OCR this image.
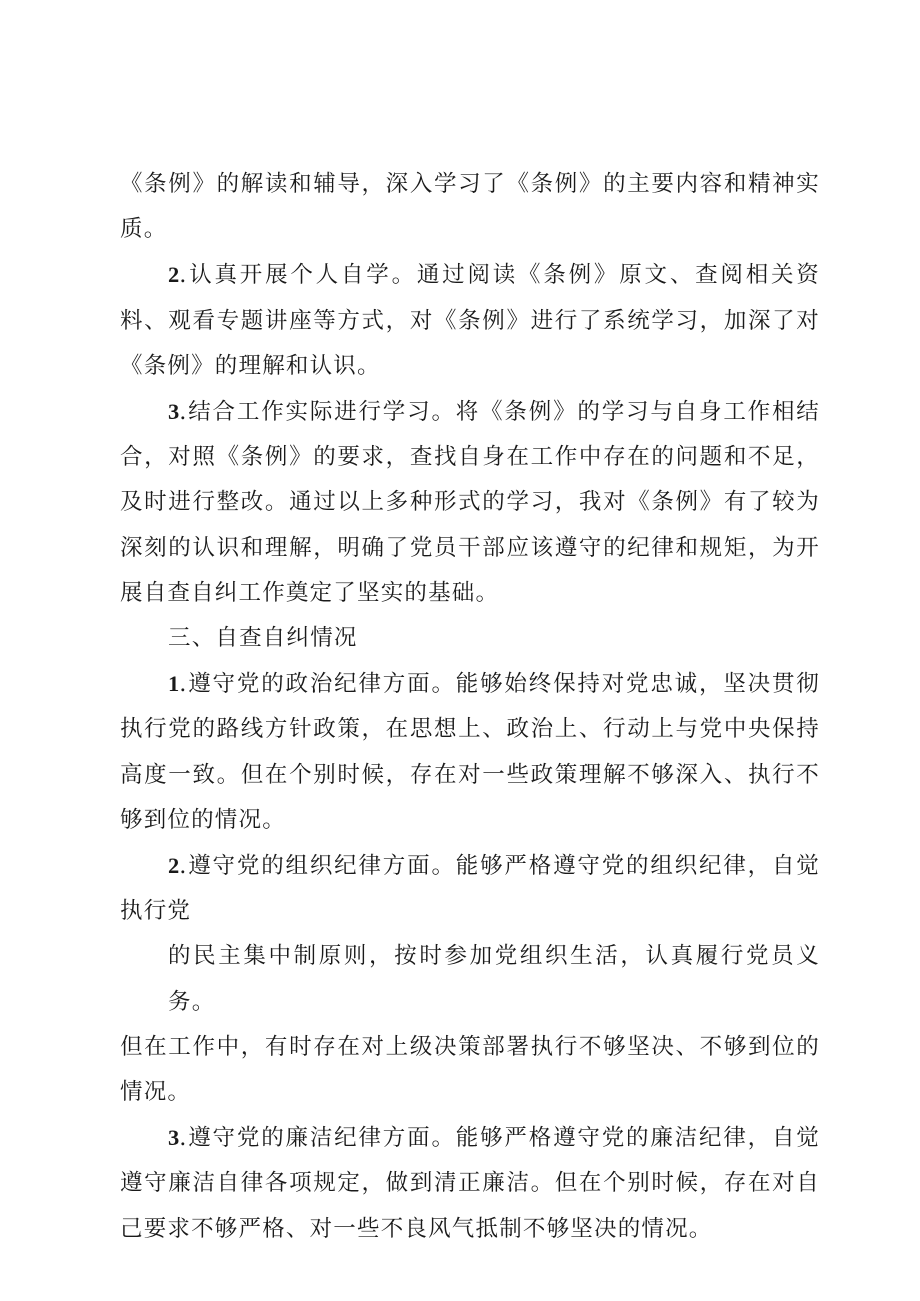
《条例》的解读和辅导，深入学习了《条例》的主要内容和精神实质。

2.认真开展个人自学。通过阅读《条例》原文、查阅相关资料、观看专题讲座等方式，对《条例》进行了系统学习，加深了对《条例》的理解和认识。

3.结合工作实际进行学习。将《条例》的学习与自身工作相结合，对照《条例》的要求，查找自身在工作中存在的问题和不足，及时进行整改。通过以上多种形式的学习，我对《条例》有了较为深刻的认识和理解，明确了党员干部应该遵守的纪律和规矩，为开展自查自纠工作奠定了坚实的基础。

三、自查自纠情况

1.遵守党的政治纪律方面。能够始终保持对党忠诚，坚决贯彻执行党的路线方针政策，在思想上、政治上、行动上与党中央保持高度一致。但在个别时候，存在对一些政策理解不够深入、执行不够到位的情况。

2.遵守党的组织纪律方面。能够严格遵守党的组织纪律，自觉执行党

的民主集中制原则，按时参加党组织生活，认真履行党员义务。

但在工作中，有时存在对上级决策部署执行不够坚决、不够到位的情况。

3.遵守党的廉洁纪律方面。能够严格遵守党的廉洁纪律，自觉遵守廉洁自律各项规定，做到清正廉洁。但在个别时候，存在对自己要求不够严格、对一些不良风气抵制不够坚决的情况。
